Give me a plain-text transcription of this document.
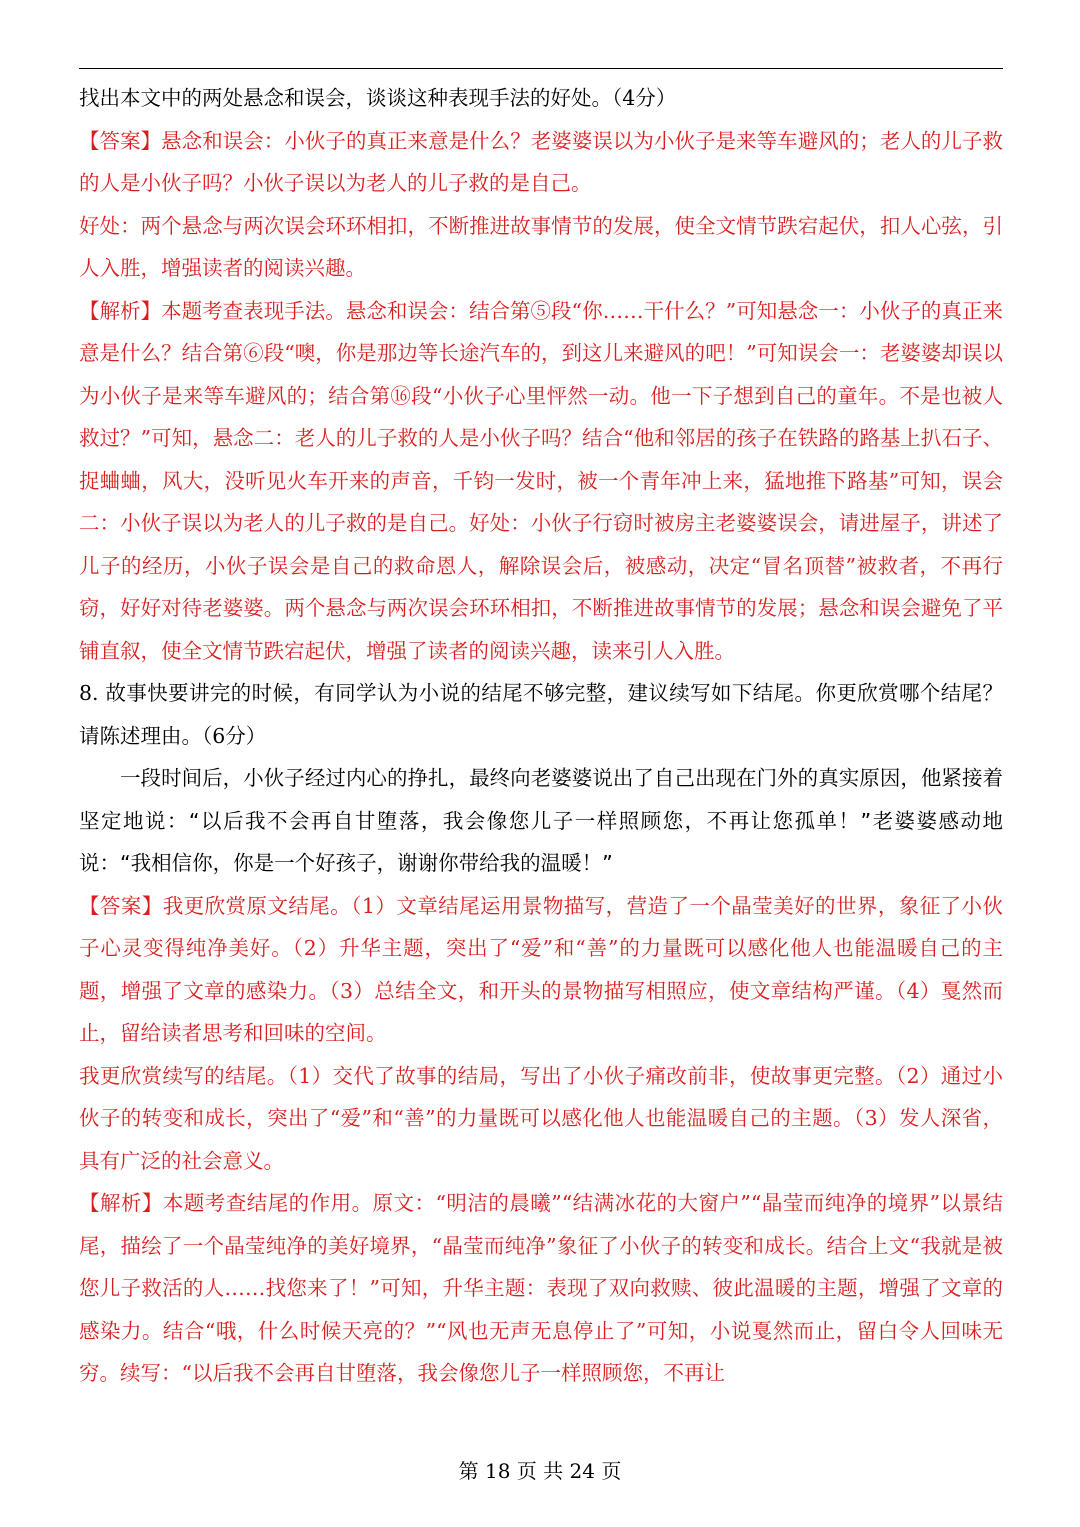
找出本文中的两处悬念和误会，谈谈这种表现手法的好处。（4分）

【答案】悬念和误会：小伙子的真正来意是什么？老婆婆误以为小伙子是来等车避风的；老人的儿子救的人是小伙子吗？小伙子误以为老人的儿子救的是自己。

好处：两个悬念与两次误会环环相扣，不断推进故事情节的发展，使全文情节跌宕起伏，扣人心弦，引人入胜，增强读者的阅读兴趣。

【解析】本题考查表现手法。悬念和误会：结合第⑤段“你……干什么？”可知悬念一：小伙子的真正来意是什么？结合第⑥段“噢，你是那边等长途汽车的，到这儿来避风的吧！”可知误会一：老婆婆却误以为小伙子是来等车避风的；结合第⑯段“小伙子心里怦然一动。他一下子想到自己的童年。不是也被人救过？”可知，悬念二：老人的儿子救的人是小伙子吗？结合“他和邻居的孩子在铁路的路基上扒石子、捉蛐蛐，风大，没听见火车开来的声音，千钧一发时，被一个青年冲上来，猛地推下路基”可知，误会二：小伙子误以为老人的儿子救的是自己。好处：小伙子行窃时被房主老婆婆误会，请进屋子，讲述了儿子的经历，小伙子误会是自己的救命恩人，解除误会后，被感动，决定“冒名顶替”被救者，不再行窃，好好对待老婆婆。两个悬念与两次误会环环相扣，不断推进故事情节的发展；悬念和误会避免了平铺直叙，使全文情节跌宕起伏，增强了读者的阅读兴趣，读来引人入胜。

8. 故事快要讲完的时候，有同学认为小说的结尾不够完整，建议续写如下结尾。你更欣赏哪个结尾？请陈述理由。（6分）

一段时间后，小伙子经过内心的挣扎，最终向老婆婆说出了自己出现在门外的真实原因，他紧接着坚定地说：“以后我不会再自甘堕落，我会像您儿子一样照顾您，不再让您孤单！”老婆婆感动地说：“我相信你，你是一个好孩子，谢谢你带给我的温暖！”

【答案】我更欣赏原文结尾。（1）文章结尾运用景物描写，营造了一个晶莹美好的世界，象征了小伙子心灵变得纯净美好。（2）升华主题，突出了“爱”和“善”的力量既可以感化他人也能温暖自己的主题，增强了文章的感染力。（3）总结全文，和开头的景物描写相照应，使文章结构严谨。（4）戛然而止，留给读者思考和回味的空间。

我更欣赏续写的结尾。（1）交代了故事的结局，写出了小伙子痛改前非，使故事更完整。（2）通过小伙子的转变和成长，突出了“爱”和“善”的力量既可以感化他人也能温暖自己的主题。（3）发人深省，具有广泛的社会意义。

【解析】本题考查结尾的作用。原文：“明洁的晨曦”“结满冰花的大窗户”“晶莹而纯净的境界”以景结尾，描绘了一个晶莹纯净的美好境界，“晶莹而纯净”象征了小伙子的转变和成长。结合上文“我就是被您儿子救活的人……找您来了！”可知，升华主题：表现了双向救赎、彼此温暖的主题，增强了文章的感染力。结合“哦，什么时候天亮的？”“风也无声无息停止了”可知，小说戛然而止，留白令人回味无穷。续写：“以后我不会再自甘堕落，我会像您儿子一样照顾您，不再让

第 18 页 共 24 页
